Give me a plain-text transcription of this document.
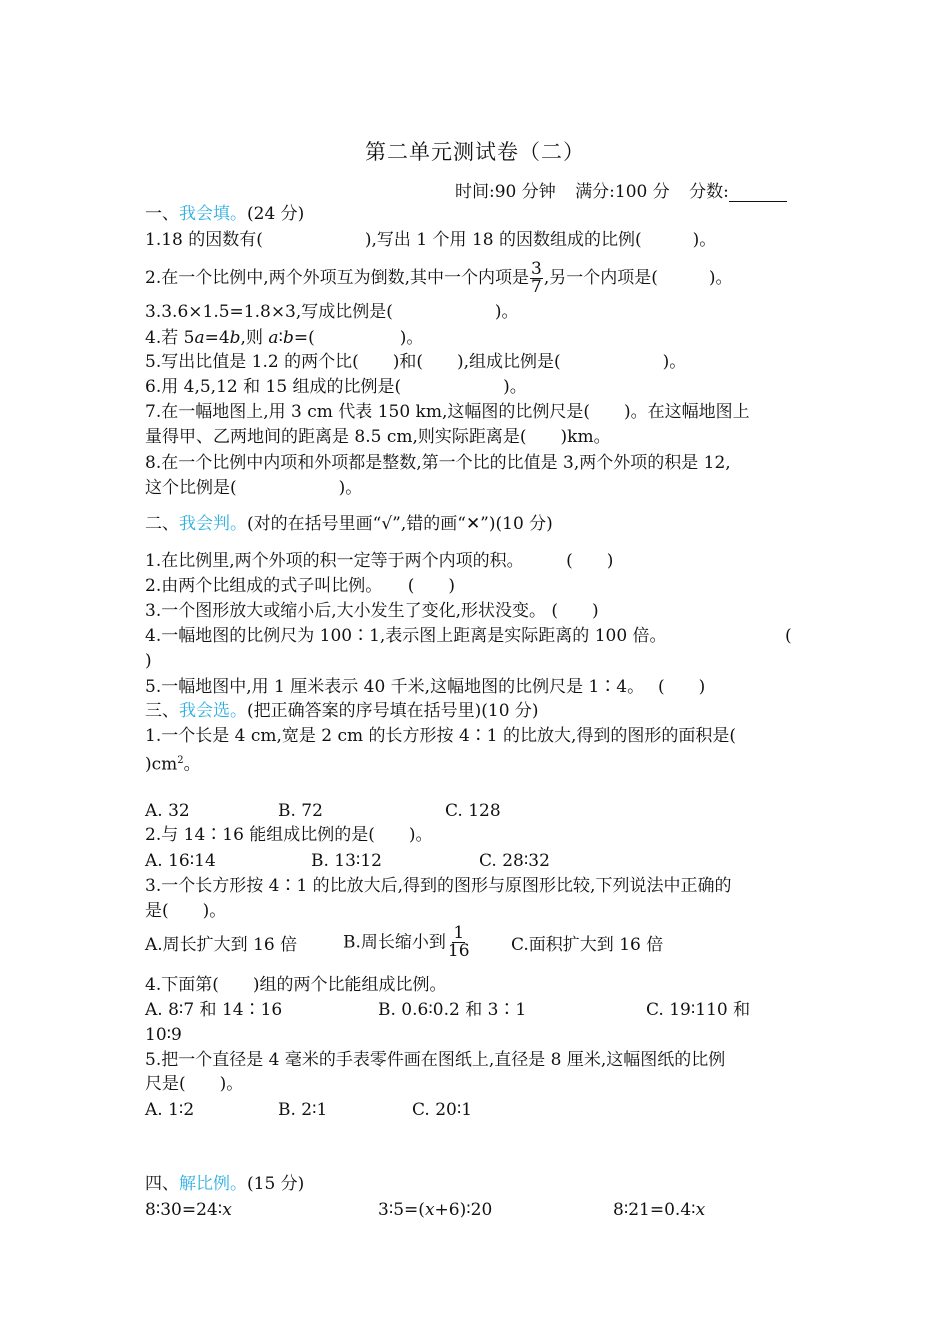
第二单元测试卷（二）
时间:90 分钟 满分:100 分 分数:
一、我会填。(24 分)
1.18 的因数有(　　　　　　),写出 1 个用 18 的因数组成的比例(　　　)。
2.在一个比例中,两个外项互为倒数,其中一个内项是 $\frac{3}{7}$ ,另一个内项是(　　　)。
3.3.6×1.5=1.8×3,写成比例是(　　　　　　)。
4.若 5a=4b,则 a∶b=(　　　　　)。
5.写出比值是 1.2 的两个比(　　)和(　　),组成比例是(　　　　　　)。
6.用 4,5,12 和 15 组成的比例是(　　　　　　)。
7.在一幅地图上,用 3 cm 代表 150 km,这幅图的比例尺是(　　)。在这幅地图上
量得甲、乙两地间的距离是 8.5 cm,则实际距离是(　　)km。
8.在一个比例中内项和外项都是整数,第一个比的比值是 3,两个外项的积是 12,
这个比例是(　　　　　　)。
二、我会判。(对的在括号里画“√”,错的画“✕”)(10 分)
1.在比例里,两个外项的积一定等于两个内项的积。　　　(　　)
2.由两个比组成的式子叫比例。　　(　　)
3.一个图形放大或缩小后,大小发生了变化,形状没变。 (　　)
4.一幅地图的比例尺为 100∶1,表示图上距离是实际距离的 100 倍。	(
)
5.一幅地图中,用 1 厘米表示 40 千米,这幅地图的比例尺是 1∶4。　 (　　)
三、我会选。(把正确答案的序号填在括号里)(10 分)
1.一个长是 4 cm,宽是 2 cm 的长方形按 4∶1 的比放大,得到的图形的面积是(
)$cm^2$。
A. 32	B. 72	C. 128
2.与 14∶16 能组成比例的是(　　)。
A. 16∶14	B. 13∶12	C. 28∶32
3.一个长方形按 4∶1 的比放大后,得到的图形与原图形比较,下列说法中正确的
是(　　)。
A.周长扩大到 16 倍	B.周长缩小到 $\frac{1}{16} C$.面积扩大到 16 倍
4.下面第(　　)组的两个比能组成比例。
A. 8∶7 和 14∶16	B. 0.6∶0.2 和 3∶1	C. 19∶110 和
10∶9
5.把一个直径是 4 毫米的手表零件画在图纸上,直径是 8 厘米,这幅图纸的比例
尺是(　　)。
A. 1∶2	B. 2∶1	C. 20∶1
四、解比例。(15 分)
8∶30=24∶x	3∶5=(x+6)∶20	8∶21=0.4∶x
